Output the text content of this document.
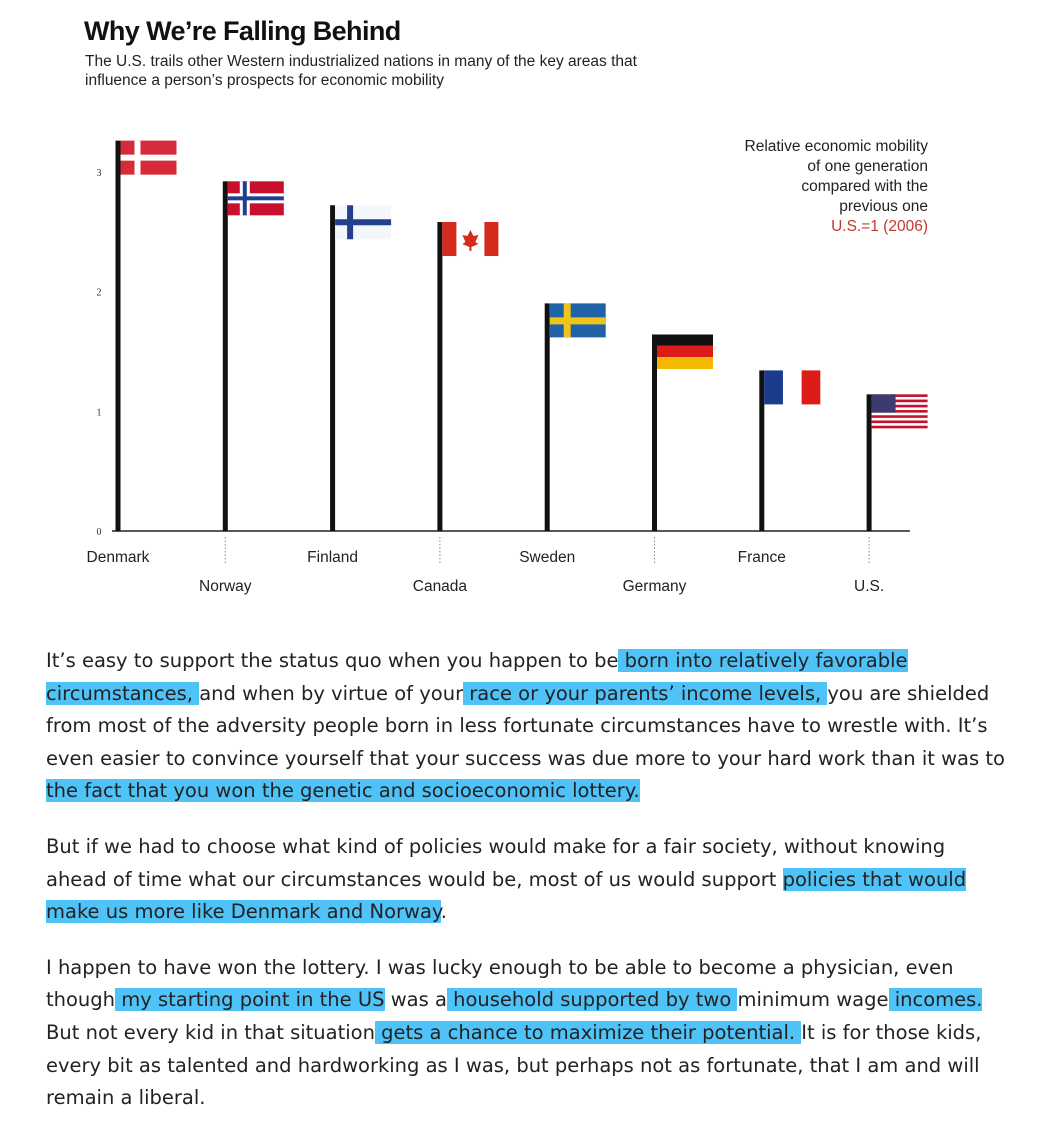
0
1
2
3
Denmark
Norway
Finland
Canada
Sweden
Germany
France
U.S.
Why We’re Falling Behind

The U.S. trails other Western industrialized nations in many of the key areas that influence a person’s prospects for economic mobility

Relative economic mobility of one generation compared with the previous one
U.S.=1 (2006)

It’s easy to support the status quo when you happen to be born into relatively favorable circumstances, and when by virtue of your race or your parents’ income levels, you are shielded from most of the adversity people born in less fortunate circumstances have to wrestle with. It’s even easier to convince yourself that your success was due more to your hard work than it was to the fact that you won the genetic and socioeconomic lottery.

But if we had to choose what kind of policies would make for a fair society, without knowing ahead of time what our circumstances would be, most of us would support policies that would make us more like Denmark and Norway.

I happen to have won the lottery. I was lucky enough to be able to become a physician, even though my starting point in the US was a household supported by two minimum wage incomes. But not every kid in that situation gets a chance to maximize their potential. It is for those kids, every bit as talented and hardworking as I was, but perhaps not as fortunate, that I am and will remain a liberal.
